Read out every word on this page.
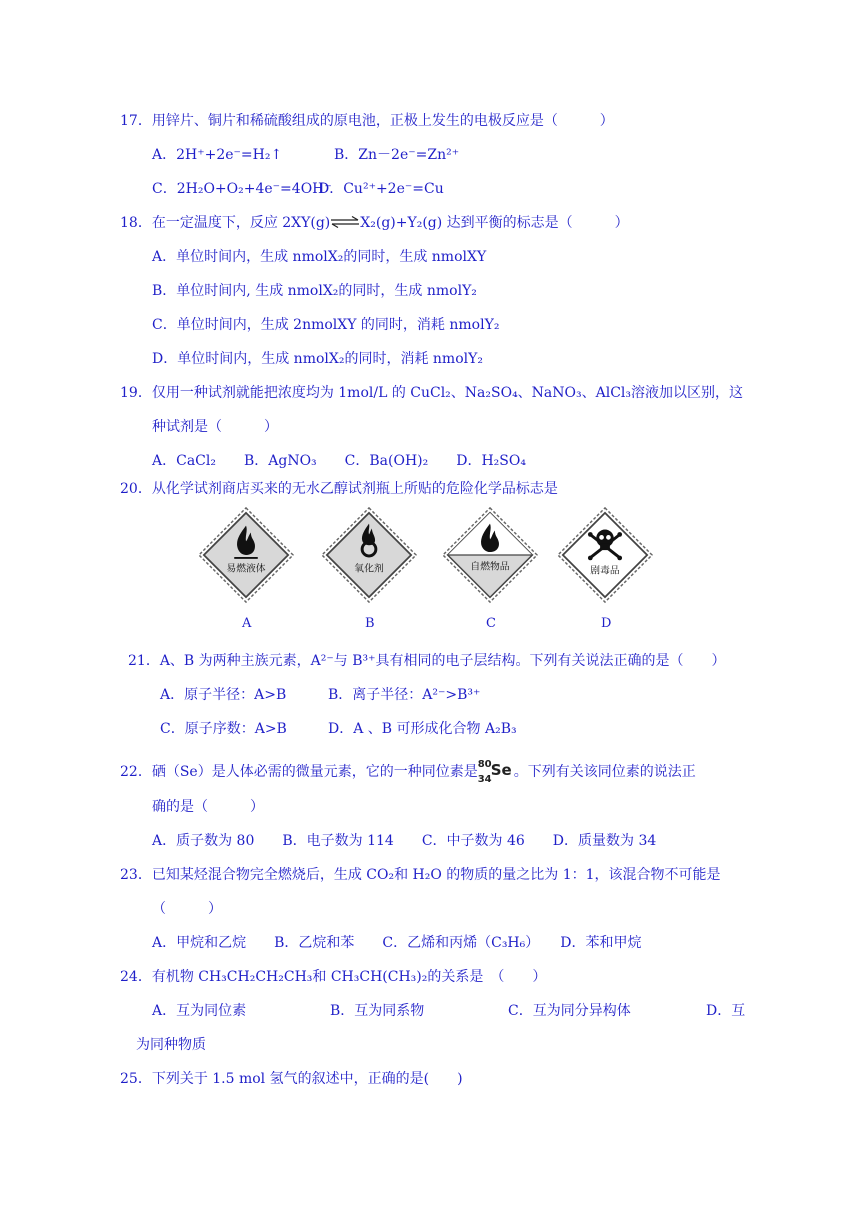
17．用锌片、铜片和稀硫酸组成的原电池，正极上发生的电极反应是（　　　）
A．2H⁺+2e⁻=H₂↑	B．Zn－2e⁻=Zn²⁺
C．2H₂O+O₂+4e⁻=4OH⁻
D．Cu²⁺+2e⁻=Cu
18．在一定温度下，反应 2XY(g)⇌X₂(g)+Y₂(g) 达到平衡的标志是（　　　）
A．单位时间内，生成 nmolX₂的同时，生成 nmolXY
B．单位时间内, 生成 nmolX₂的同时，生成 nmolY₂
C．单位时间内，生成 2nmolXY 的同时，消耗 nmolY₂
D．单位时间内，生成 nmolX₂的同时，消耗 nmolY₂
19．仅用一种试剂就能把浓度均为 1mol/L 的 CuCl₂、Na₂SO₄、NaNO₃、AlCl₃溶液加以区别，这
种试剂是（　　　）
A．CaCl₂　　B．AgNO₃　　C．Ba(OH)₂　　D．H₂SO₄
20．从化学试剂商店买来的无水乙醇试剂瓶上所贴的危险化学品标志是
易燃液体
A
氧化剂
B
自燃物品
C
剧毒品
D
21．A、B 为两种主族元素，A²⁻与 B³⁺具有相同的电子层结构。下列有关说法正确的是（　　）
A．原子半径：A>B	B．离子半径：A²⁻>B³⁺
C．原子序数：A>B	D．A 、B 可形成化合物 A₂B₃
22．硒（Se）是人体必需的微量元素，它的一种同位素是 80
34
Se 。下列有关该同位素的说法正
确的是（　　　）
A．质子数为 80　　B．电子数为 114　　C．中子数为 46　　D．质量数为 34
23．已知某烃混合物完全燃烧后，生成 CO₂和 H₂O 的物质的量之比为 1：1，该混合物不可能是
（　　　）
A．甲烷和乙烷　　B．乙烷和苯　　C．乙烯和丙烯（C₃H₆）　　D．苯和甲烷
24．有机物 CH₃CH₂CH₂CH₃和 CH₃CH(CH₃)₂的关系是　（　　）
A．互为同位素	B．互为同系物	C．互为同分异构体	D．互
为同种物质
25．下列关于 1.5 mol 氢气的叙述中，正确的是(　　)
